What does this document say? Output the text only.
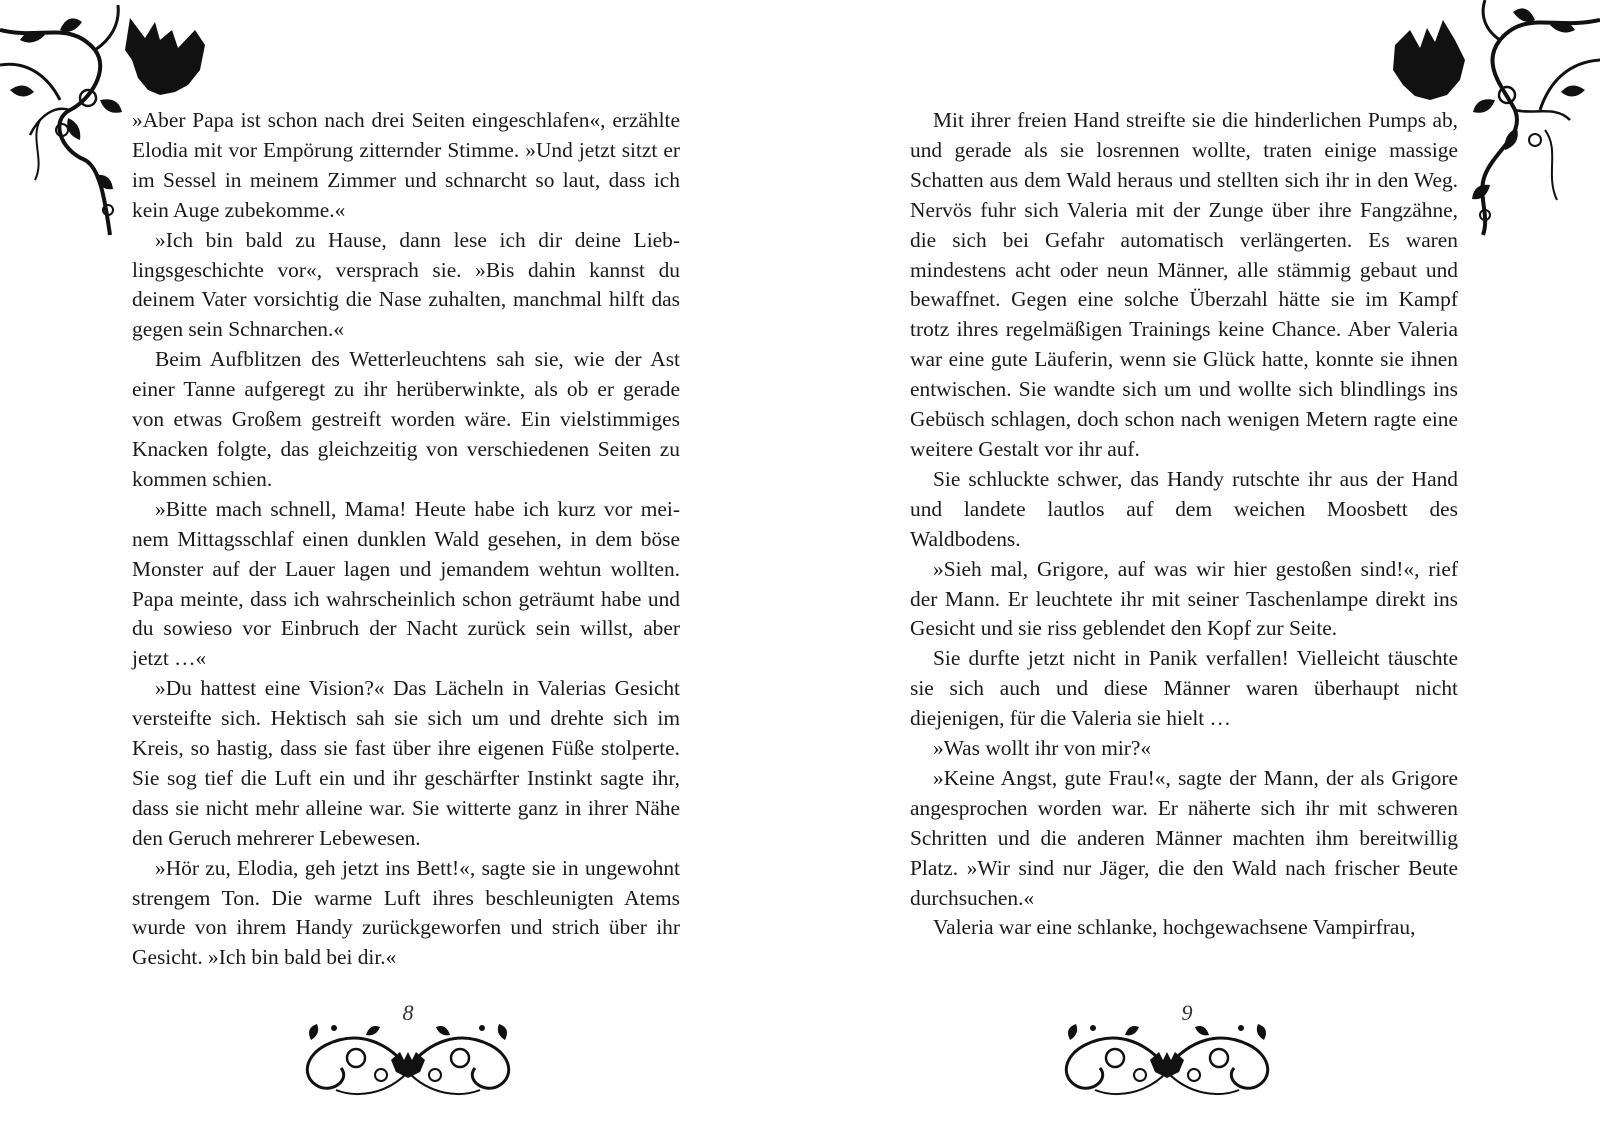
»Aber Papa ist schon nach drei Seiten eingeschlafen«, erzählte Elodia mit vor Empörung zitternder Stimme. »Und jetzt sitzt er im Sessel in meinem Zimmer und schnarcht so laut, dass ich kein Auge zubekomme.«

»Ich bin bald zu Hause, dann lese ich dir deine Lieblingsgeschichte vor«, versprach sie. »Bis dahin kannst du deinem Vater vorsichtig die Nase zuhalten, manchmal hilft das gegen sein Schnarchen.«

Beim Aufblitzen des Wetterleuchtens sah sie, wie der Ast einer Tanne aufgeregt zu ihr herüberwinkte, als ob er gerade von etwas Großem gestreift worden wäre. Ein vielstimmiges Knacken folgte, das gleichzeitig von verschiedenen Seiten zu kommen schien.

»Bitte mach schnell, Mama! Heute habe ich kurz vor meinem Mittagsschlaf einen dunklen Wald gesehen, in dem böse Monster auf der Lauer lagen und jemandem wehtun wollten. Papa meinte, dass ich wahrscheinlich schon geträumt habe und du sowieso vor Einbruch der Nacht zurück sein willst, aber jetzt …«

»Du hattest eine Vision?« Das Lächeln in Valerias Gesicht versteifte sich. Hektisch sah sie sich um und drehte sich im Kreis, so hastig, dass sie fast über ihre eigenen Füße stolperte. Sie sog tief die Luft ein und ihr geschärfter Instinkt sagte ihr, dass sie nicht mehr alleine war. Sie witterte ganz in ihrer Nähe den Geruch mehrerer Lebewesen.

»Hör zu, Elodia, geh jetzt ins Bett!«, sagte sie in ungewohnt strengem Ton. Die warme Luft ihres beschleunigten Atems wurde von ihrem Handy zurückgeworfen und strich über ihr Gesicht. »Ich bin bald bei dir.«

Mit ihrer freien Hand streifte sie die hinderlichen Pumps ab, und gerade als sie losrennen wollte, traten einige massige Schatten aus dem Wald heraus und stellten sich ihr in den Weg. Nervös fuhr sich Valeria mit der Zunge über ihre Fangzähne, die sich bei Gefahr automatisch verlängerten. Es waren mindestens acht oder neun Männer, alle stämmig gebaut und bewaffnet. Gegen eine solche Überzahl hätte sie im Kampf trotz ihres regelmäßigen Trainings keine Chance. Aber Valeria war eine gute Läuferin, wenn sie Glück hatte, konnte sie ihnen entwischen. Sie wandte sich um und wollte sich blindlings ins Gebüsch schlagen, doch schon nach wenigen Metern ragte eine weitere Gestalt vor ihr auf.

Sie schluckte schwer, das Handy rutschte ihr aus der Hand und landete lautlos auf dem weichen Moosbett des Waldbodens.

»Sieh mal, Grigore, auf was wir hier gestoßen sind!«, rief der Mann. Er leuchtete ihr mit seiner Taschenlampe direkt ins Gesicht und sie riss geblendet den Kopf zur Seite.

Sie durfte jetzt nicht in Panik verfallen! Vielleicht täuschte sie sich auch und diese Männer waren überhaupt nicht diejenigen, für die Valeria sie hielt …

»Was wollt ihr von mir?«

»Keine Angst, gute Frau!«, sagte der Mann, der als Grigore angesprochen worden war. Er näherte sich ihr mit schweren Schritten und die anderen Männer machten ihm bereitwillig Platz. »Wir sind nur Jäger, die den Wald nach frischer Beute durchsuchen.«

Valeria war eine schlanke, hochgewachsene Vampirfrau,

8	9
